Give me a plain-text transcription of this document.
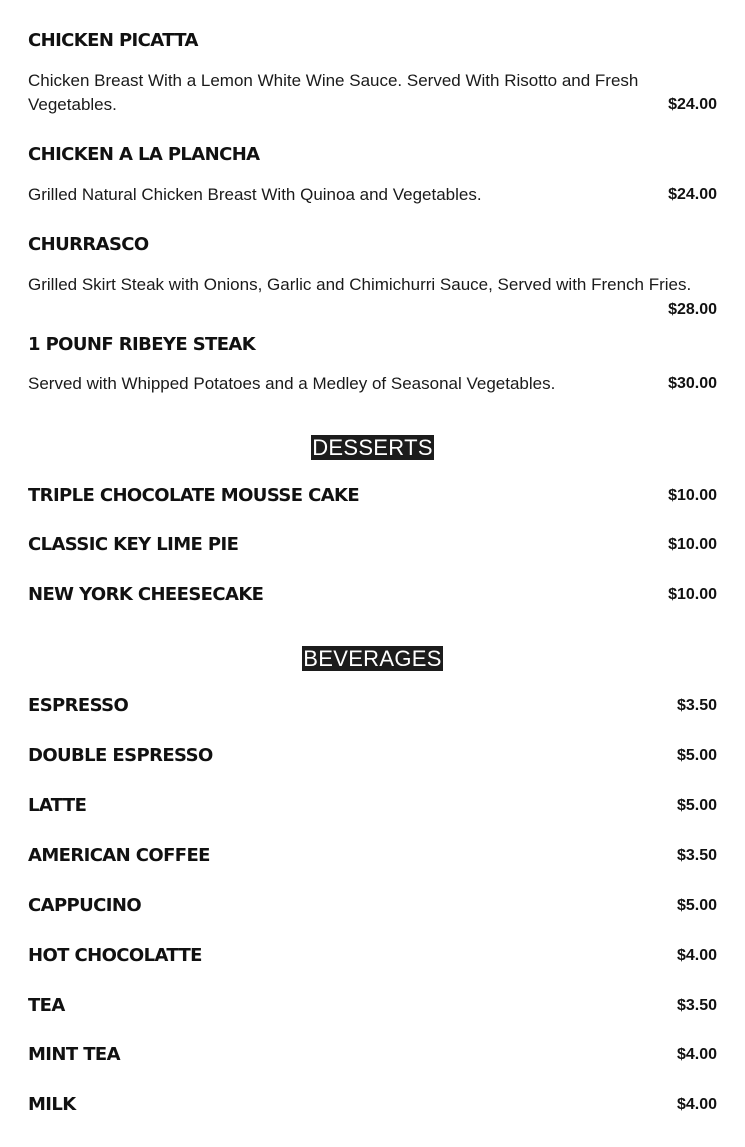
CHICKEN PICATTA
Chicken Breast With a Lemon White Wine Sauce. Served With Risotto and Fresh Vegetables.	$24.00
CHICKEN A LA PLANCHA
Grilled Natural Chicken Breast With Quinoa and Vegetables.	$24.00
CHURRASCO
Grilled Skirt Steak with Onions, Garlic and Chimichurri Sauce, Served with French Fries.
$28.00
1 POUNF RIBEYE STEAK
Served with Whipped Potatoes and a Medley of Seasonal Vegetables.	$30.00
DESSERTS
TRIPLE CHOCOLATE MOUSSE CAKE	$10.00
CLASSIC KEY LIME PIE	$10.00
NEW YORK CHEESECAKE	$10.00
BEVERAGES
ESPRESSO	$3.50
DOUBLE ESPRESSO	$5.00
LATTE	$5.00
AMERICAN COFFEE	$3.50
CAPPUCINO	$5.00
HOT CHOCOLATTE	$4.00
TEA	$3.50
MINT TEA	$4.00
MILK	$4.00
